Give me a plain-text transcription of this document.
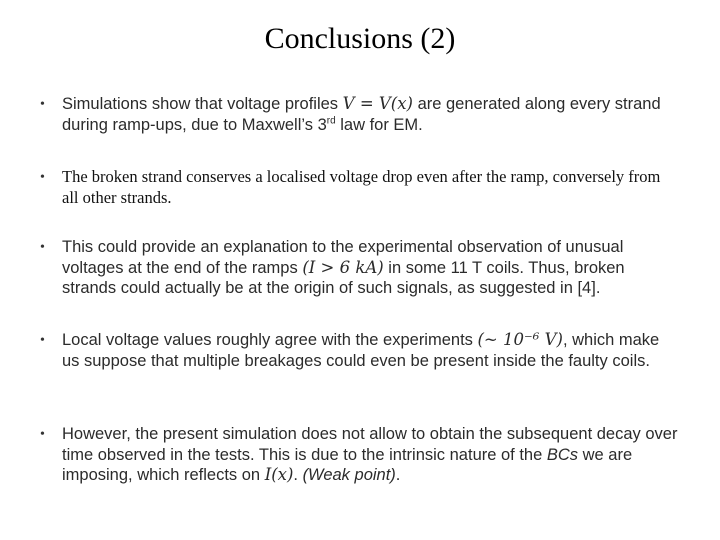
Conclusions (2)
•	Simulations show that voltage profiles V = V(x) are generated along every strand during ramp-ups, due to Maxwell’s 3rd law for EM.
•	The broken strand conserves a localised voltage drop even after the ramp, conversely from all other strands.
•	This could provide an explanation to the experimental observation of unusual voltages at the end of the ramps (I > 6 kA) in some 11 T coils. Thus, broken strands could actually be at the origin of such signals, as suggested in [4].
•	Local voltage values roughly agree with the experiments (~ 10⁻⁶ V), which make us suppose that multiple breakages could even be present inside the faulty coils.
•	However, the present simulation does not allow to obtain the subsequent decay over time observed in the tests. This is due to the intrinsic nature of the BCs we are imposing, which reflects on I(x). (Weak point).
